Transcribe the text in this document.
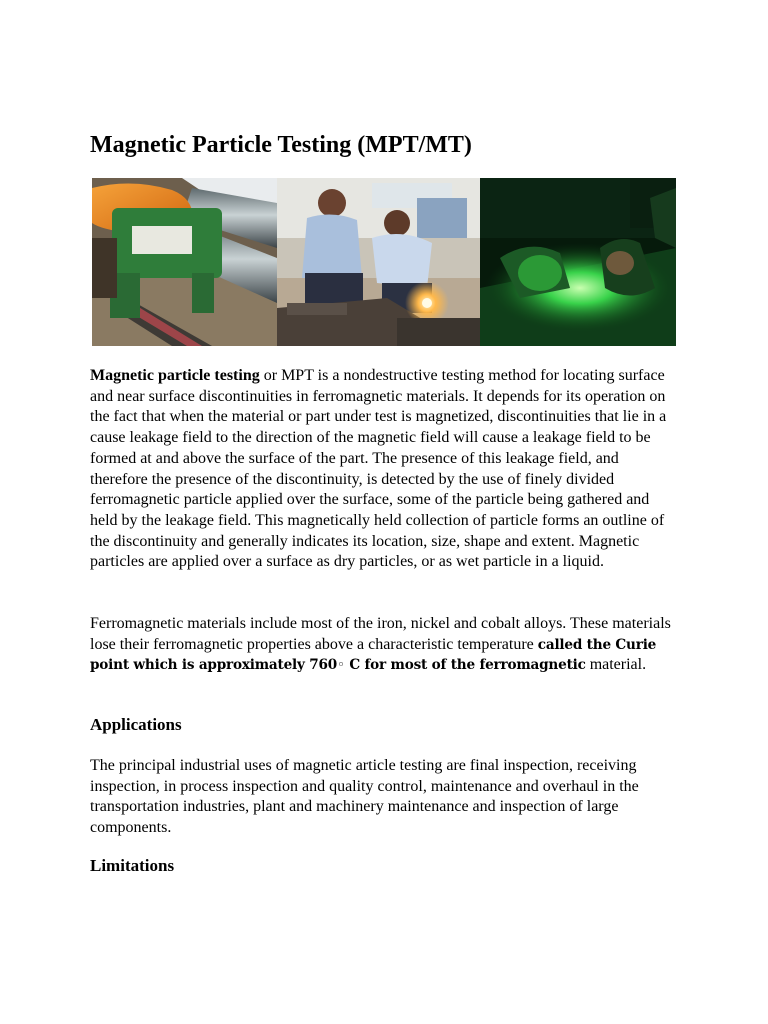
Magnetic Particle Testing (MPT/MT)

Magnetic particle testing or MPT is a nondestructive testing method for locating surface and near surface discontinuities in ferromagnetic materials. It depends for its operation on the fact that when the material or part under test is magnetized, discontinuities that lie in a cause leakage field to the direction of the magnetic field will cause a leakage field to be formed at and above the surface of the part. The presence of this leakage field, and therefore the presence of the discontinuity, is detected by the use of finely divided ferromagnetic particle applied over the surface, some of the particle being gathered and held by the leakage field. This magnetically held collection of particle forms an outline of the discontinuity and generally indicates its location, size, shape and extent. Magnetic particles are applied over a surface as dry particles, or as wet particle in a liquid.

Ferromagnetic materials include most of the iron, nickel and cobalt alloys. These materials lose their ferromagnetic properties above a characteristic temperature called the Curie point which is approximately 760◦ C for most of the ferromagnetic material.

Applications

The principal industrial uses of magnetic article testing are final inspection, receiving inspection, in process inspection and quality control, maintenance and overhaul in the transportation industries, plant and machinery maintenance and inspection of large components.

Limitations
